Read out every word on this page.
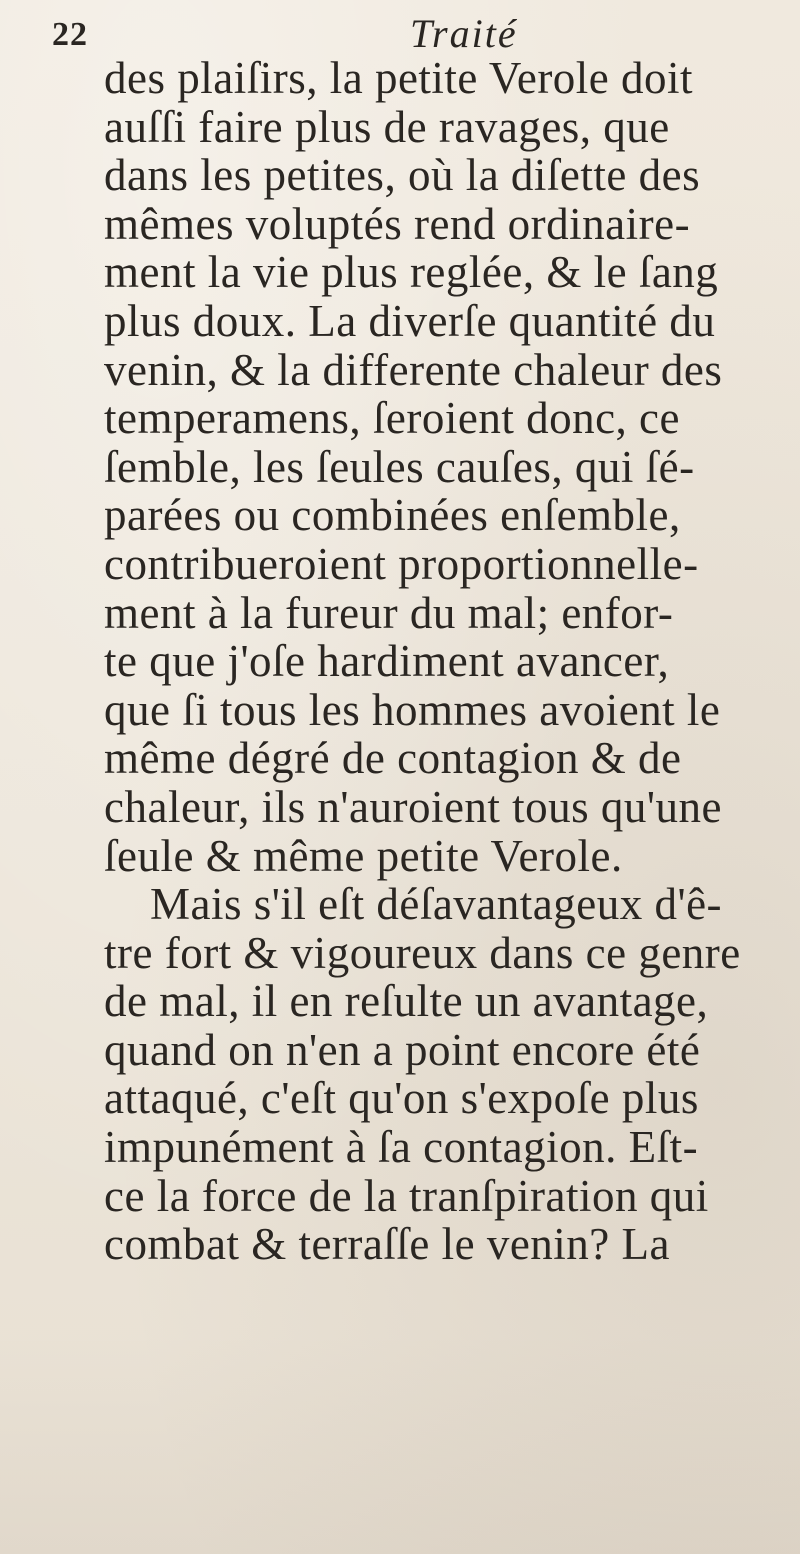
22	Traité
des plaiſirs, la petite Verole doit
auſſi faire plus de ravages, que
dans les petites, où la diſette des
mêmes voluptés rend ordinaire-
ment la vie plus reglée, & le ſang
plus doux. La diverſe quantité du
venin, & la differente chaleur des
temperamens, ſeroient donc, ce
ſemble, les ſeules cauſes, qui ſé-
parées ou combinées enſemble,
contribueroient proportionnelle-
ment à la fureur du mal; enfor-
te que j'oſe hardiment avancer,
que ſi tous les hommes avoient le
même dégré de contagion & de
chaleur, ils n'auroient tous qu'une
ſeule & même petite Verole.
Mais s'il eſt déſavantageux d'ê-
tre fort & vigoureux dans ce genre
de mal, il en reſulte un avantage,
quand on n'en a point encore été
attaqué, c'eſt qu'on s'expoſe plus
impunément à ſa contagion. Eſt-
ce la force de la tranſpiration qui
combat & terraſſe le venin? La
